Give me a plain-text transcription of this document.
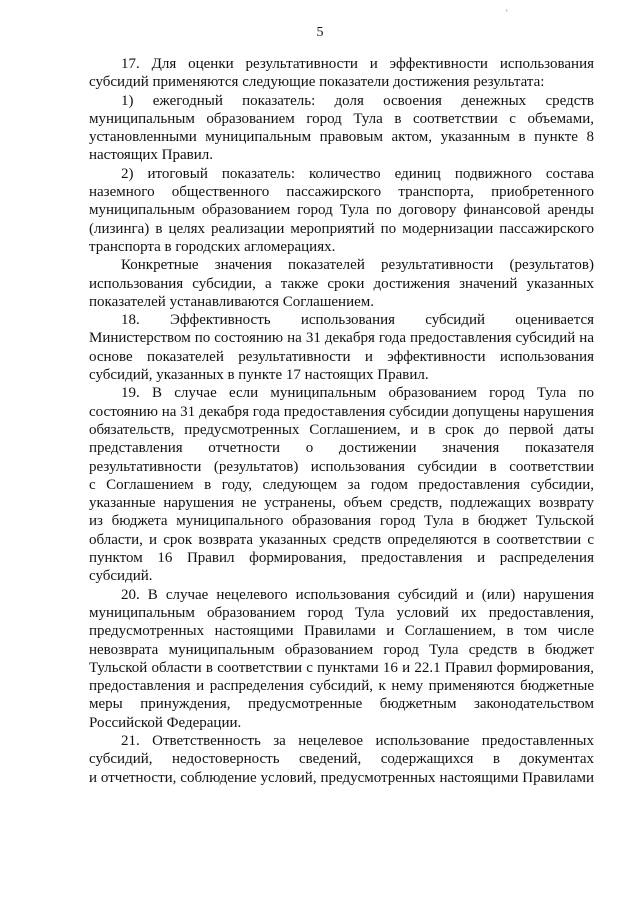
5
'

17. Для оценки результативности и эффективности использования

субсидий применяются следующие показатели достижения результата:

1) ежегодный показатель: доля освоения денежных средств

муниципальным образованием город Тула в соответствии с объемами,

установленными муниципальным правовым актом, указанным в пункте 8

настоящих Правил.

2) итоговый показатель: количество единиц подвижного состава

наземного общественного пассажирского транспорта, приобретенного

муниципальным образованием город Тула по договору финансовой аренды

(лизинга) в целях реализации мероприятий по модернизации пассажирского

транспорта в городских агломерациях.

Конкретные значения показателей результативности (результатов)

использования субсидии, а также сроки достижения значений указанных

показателей устанавливаются Соглашением.

18. Эффективность использования субсидий оценивается

Министерством по состоянию на 31 декабря года предоставления субсидий на

основе показателей результативности и эффективности использования

субсидий, указанных в пункте 17 настоящих Правил.

19. В случае если муниципальным образованием город Тула по

состоянию на 31 декабря года предоставления субсидии допущены нарушения

обязательств, предусмотренных Соглашением, и в срок до первой даты

представления отчетности о достижении значения показателя

результативности (результатов) использования субсидии в соответствии

с Соглашением в году, следующем за годом предоставления субсидии,

указанные нарушения не устранены, объем средств, подлежащих возврату

из бюджета муниципального образования город Тула в бюджет Тульской

области, и срок возврата указанных средств определяются в соответствии с

пунктом 16 Правил формирования, предоставления и распределения

субсидий.

20. В случае нецелевого использования субсидий и (или) нарушения

муниципальным образованием город Тула условий их предоставления,

предусмотренных настоящими Правилами и Соглашением, в том числе

невозврата муниципальным образованием город Тула средств в бюджет

Тульской области в соответствии с пунктами 16 и 22.1 Правил формирования,

предоставления и распределения субсидий, к нему применяются бюджетные

меры принуждения, предусмотренные бюджетным законодательством

Российской Федерации.

21. Ответственность за нецелевое использование предоставленных

субсидий, недостоверность сведений, содержащихся в документах

и отчетности, соблюдение условий, предусмотренных настоящими Правилами
